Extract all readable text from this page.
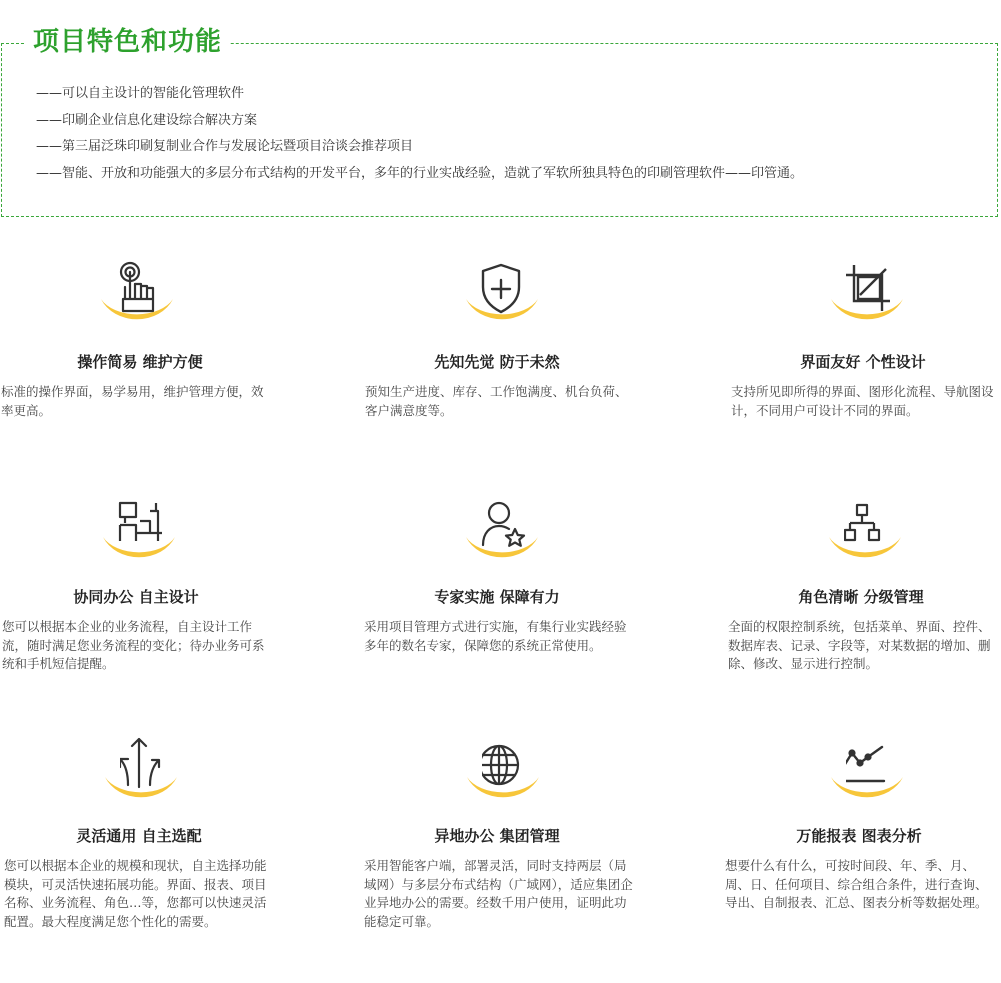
项目特色和功能
——可以自主设计的智能化管理软件
——印刷企业信息化建设综合解决方案
——第三届泛珠印刷复制业合作与发展论坛暨项目洽谈会推荐项目
——智能、开放和功能强大的多层分布式结构的开发平台，多年的行业实战经验，造就了军软所独具特色的印刷管理软件——印管通。
操作简易 维护方便
标准的操作界面，易学易用，维护管理方便，效率更高。
先知先觉 防于未然
预知生产进度、库存、工作饱满度、机台负荷、客户满意度等。
界面友好 个性设计
支持所见即所得的界面、图形化流程、导航图设计，不同用户可设计不同的界面。
协同办公 自主设计
您可以根据本企业的业务流程，自主设计工作流，随时满足您业务流程的变化；待办业务可系统和手机短信提醒。
专家实施 保障有力
采用项目管理方式进行实施，有集行业实践经验多年的数名专家，保障您的系统正常使用。
角色清晰 分级管理
全面的权限控制系统，包括菜单、界面、控件、数据库表、记录、字段等，对某数据的增加、删除、修改、显示进行控制。
灵活通用 自主选配
您可以根据本企业的规模和现状，自主选择功能模块，可灵活快速拓展功能。界面、报表、项目名称、业务流程、角色…等，您都可以快速灵活配置。最大程度满足您个性化的需要。
异地办公 集团管理
采用智能客户端，部署灵活，同时支持两层（局域网）与多层分布式结构（广域网），适应集团企业异地办公的需要。经数千用户使用，证明此功能稳定可靠。
万能报表 图表分析
想要什么有什么，可按时间段、年、季、月、周、日、任何项目、综合组合条件，进行查询、导出、自制报表、汇总、图表分析等数据处理。
